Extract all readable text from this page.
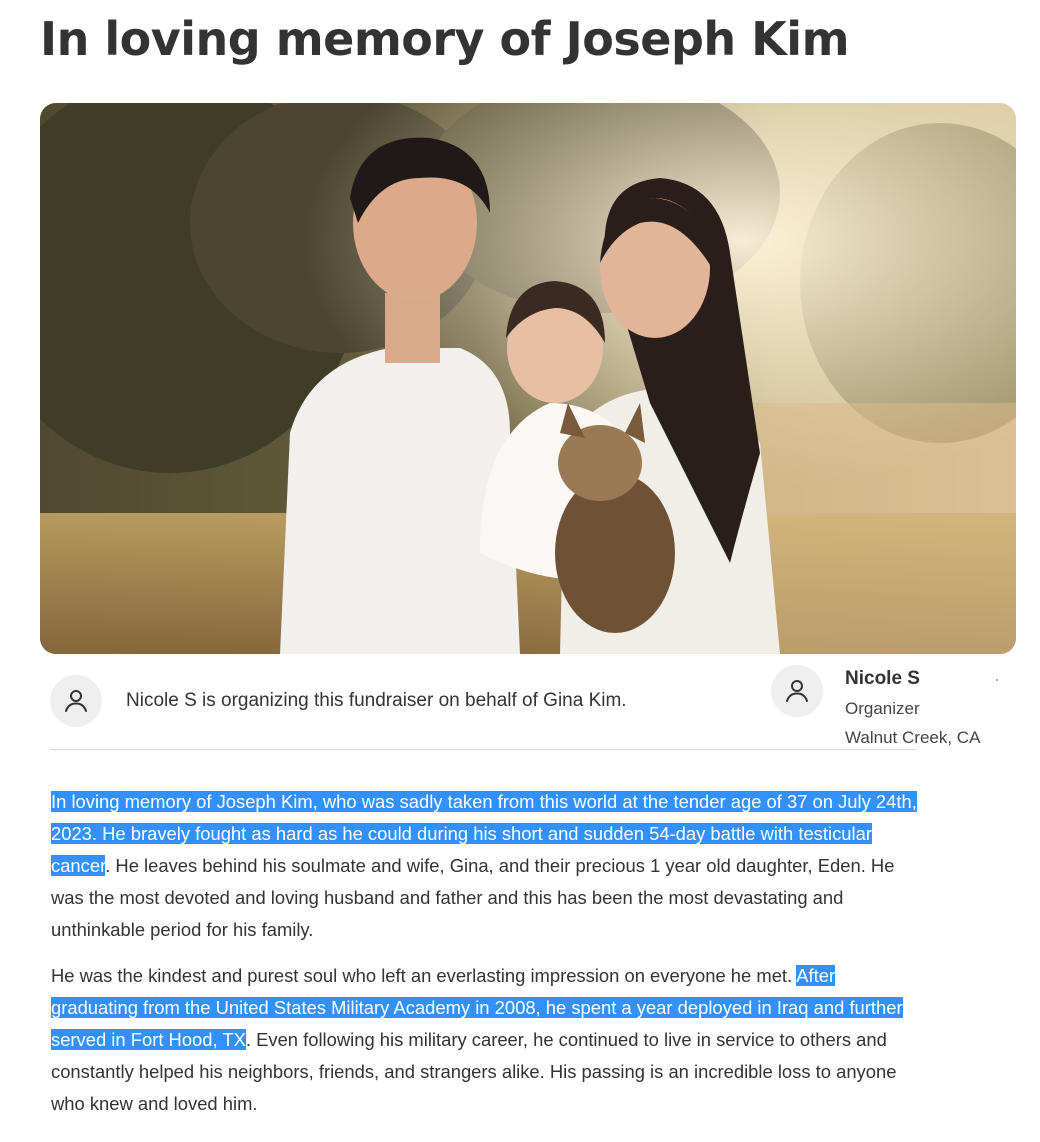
In loving memory of Joseph Kim
Nicole S is organizing this fundraiser on behalf of Gina Kim.
Nicole S
Organizer
Walnut Creek, CA

In loving memory of Joseph Kim, who was sadly taken from this world at the tender age of 37 on July 24th, 2023. He bravely fought as hard as he could during his short and sudden 54-day battle with testicular cancer. He leaves behind his soulmate and wife, Gina, and their precious 1 year old daughter, Eden. He was the most devoted and loving husband and father and this has been the most devastating and unthinkable period for his family.

He was the kindest and purest soul who left an everlasting impression on everyone he met. After graduating from the United States Military Academy in 2008, he spent a year deployed in Iraq and further served in Fort Hood, TX. Even following his military career, he continued to live in service to others and constantly helped his neighbors, friends, and strangers alike. His passing is an incredible loss to anyone who knew and loved him.
